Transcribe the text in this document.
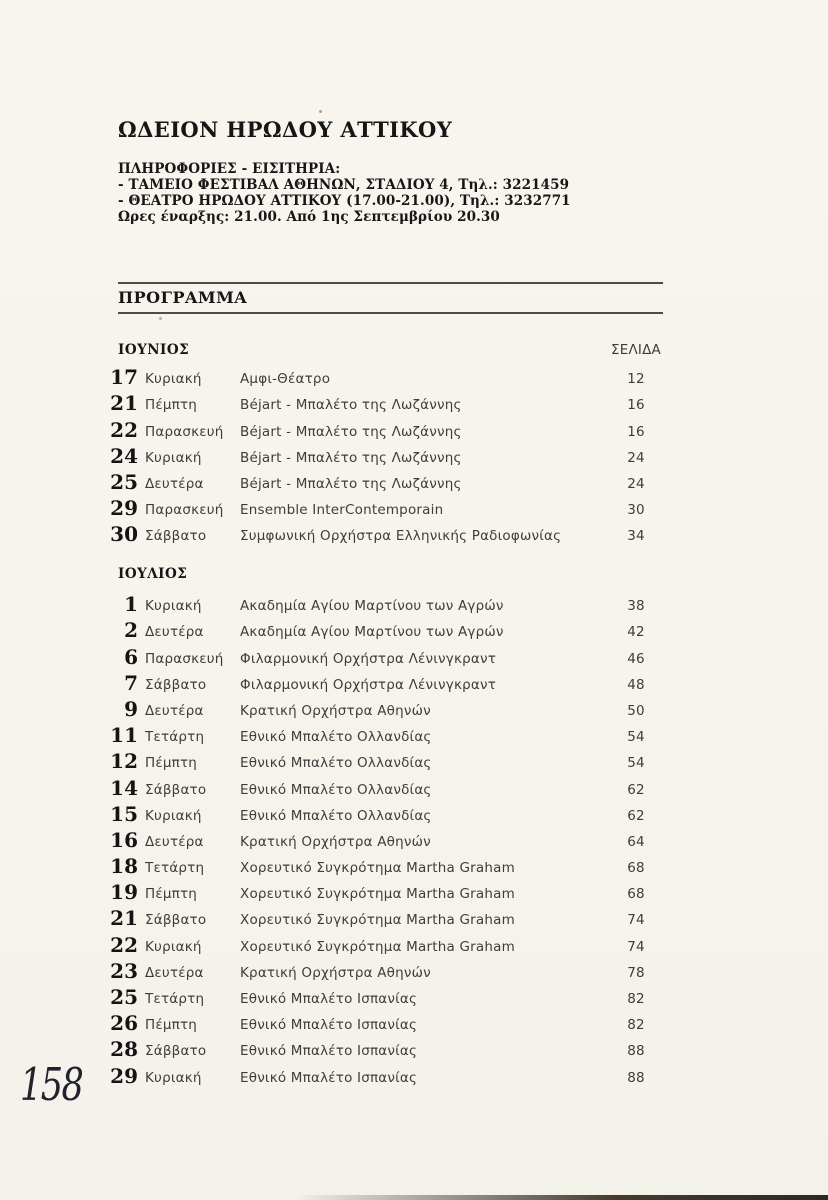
ΩΔΕΙΟΝ ΗΡΩΔΟΥ ΑΤΤΙΚΟΥ
ΠΛΗΡΟΦΟΡΙΕΣ - ΕΙΣΙΤΗΡΙΑ:
- ΤΑΜΕΙΟ ΦΕΣΤΙΒΑΛ ΑΘΗΝΩΝ, ΣΤΑΔΙΟΥ 4, Τηλ.: 3221459
- ΘΕΑΤΡΟ ΗΡΩΔΟΥ ΑΤΤΙΚΟΥ (17.00-21.00), Τηλ.: 3232771
Ωρες έναρξης: 21.00. Από 1ης Σεπτεμβρίου 20.30
ΠΡΟΓΡΑΜΜΑ
ΣΕΛΙΔΑ
ΙΟΥΝΙΟΣ
17 Κυριακή	Αμφι-Θέατρο	12
21 Πέμπτη	Béjart - Μπαλέτο της Λωζάννης	16
22 Παρασκευή Béjart - Μπαλέτο της Λωζάννης	16
24 Κυριακή	Béjart - Μπαλέτο της Λωζάννης	24
25 Δευτέρα	Béjart - Μπαλέτο της Λωζάννης	24
29 Παρασκευή Ensemble InterContemporain	30
30 Σάββατο Συμφωνική Ορχήστρα Ελληνικής Ραδιοφωνίας	34
ΙΟΥΛΙΟΣ
1 Κυριακή	Ακαδημία Αγίου Μαρτίνου των Αγρών	38
2 Δευτέρα	Ακαδημία Αγίου Μαρτίνου των Αγρών	42
6 Παρασκευή Φιλαρμονική Ορχήστρα Λένινγκραντ	46
7 Σάββατο Φιλαρμονική Ορχήστρα Λένινγκραντ	48
9 Δευτέρα	Κρατική Ορχήστρα Αθηνών	50
11 Τετάρτη	Εθνικό Μπαλέτο Ολλανδίας	54
12 Πέμπτη	Εθνικό Μπαλέτο Ολλανδίας	54
14 Σάββατο Εθνικό Μπαλέτο Ολλανδίας	62
15 Κυριακή	Εθνικό Μπαλέτο Ολλανδίας	62
16 Δευτέρα	Κρατική Ορχήστρα Αθηνών	64
18 Τετάρτη	Χορευτικό Συγκρότημα Martha Graham	68
19 Πέμπτη	Χορευτικό Συγκρότημα Martha Graham	68
21 Σάββατο Χορευτικό Συγκρότημα Martha Graham	74
22 Κυριακή	Χορευτικό Συγκρότημα Martha Graham	74
23 Δευτέρα	Κρατική Ορχήστρα Αθηνών	78
25 Τετάρτη	Εθνικό Μπαλέτο Ισπανίας	82
26 Πέμπτη	Εθνικό Μπαλέτο Ισπανίας	82
28 Σάββατο Εθνικό Μπαλέτο Ισπανίας	88
29 Κυριακή	Εθνικό Μπαλέτο Ισπανίας	88
158
